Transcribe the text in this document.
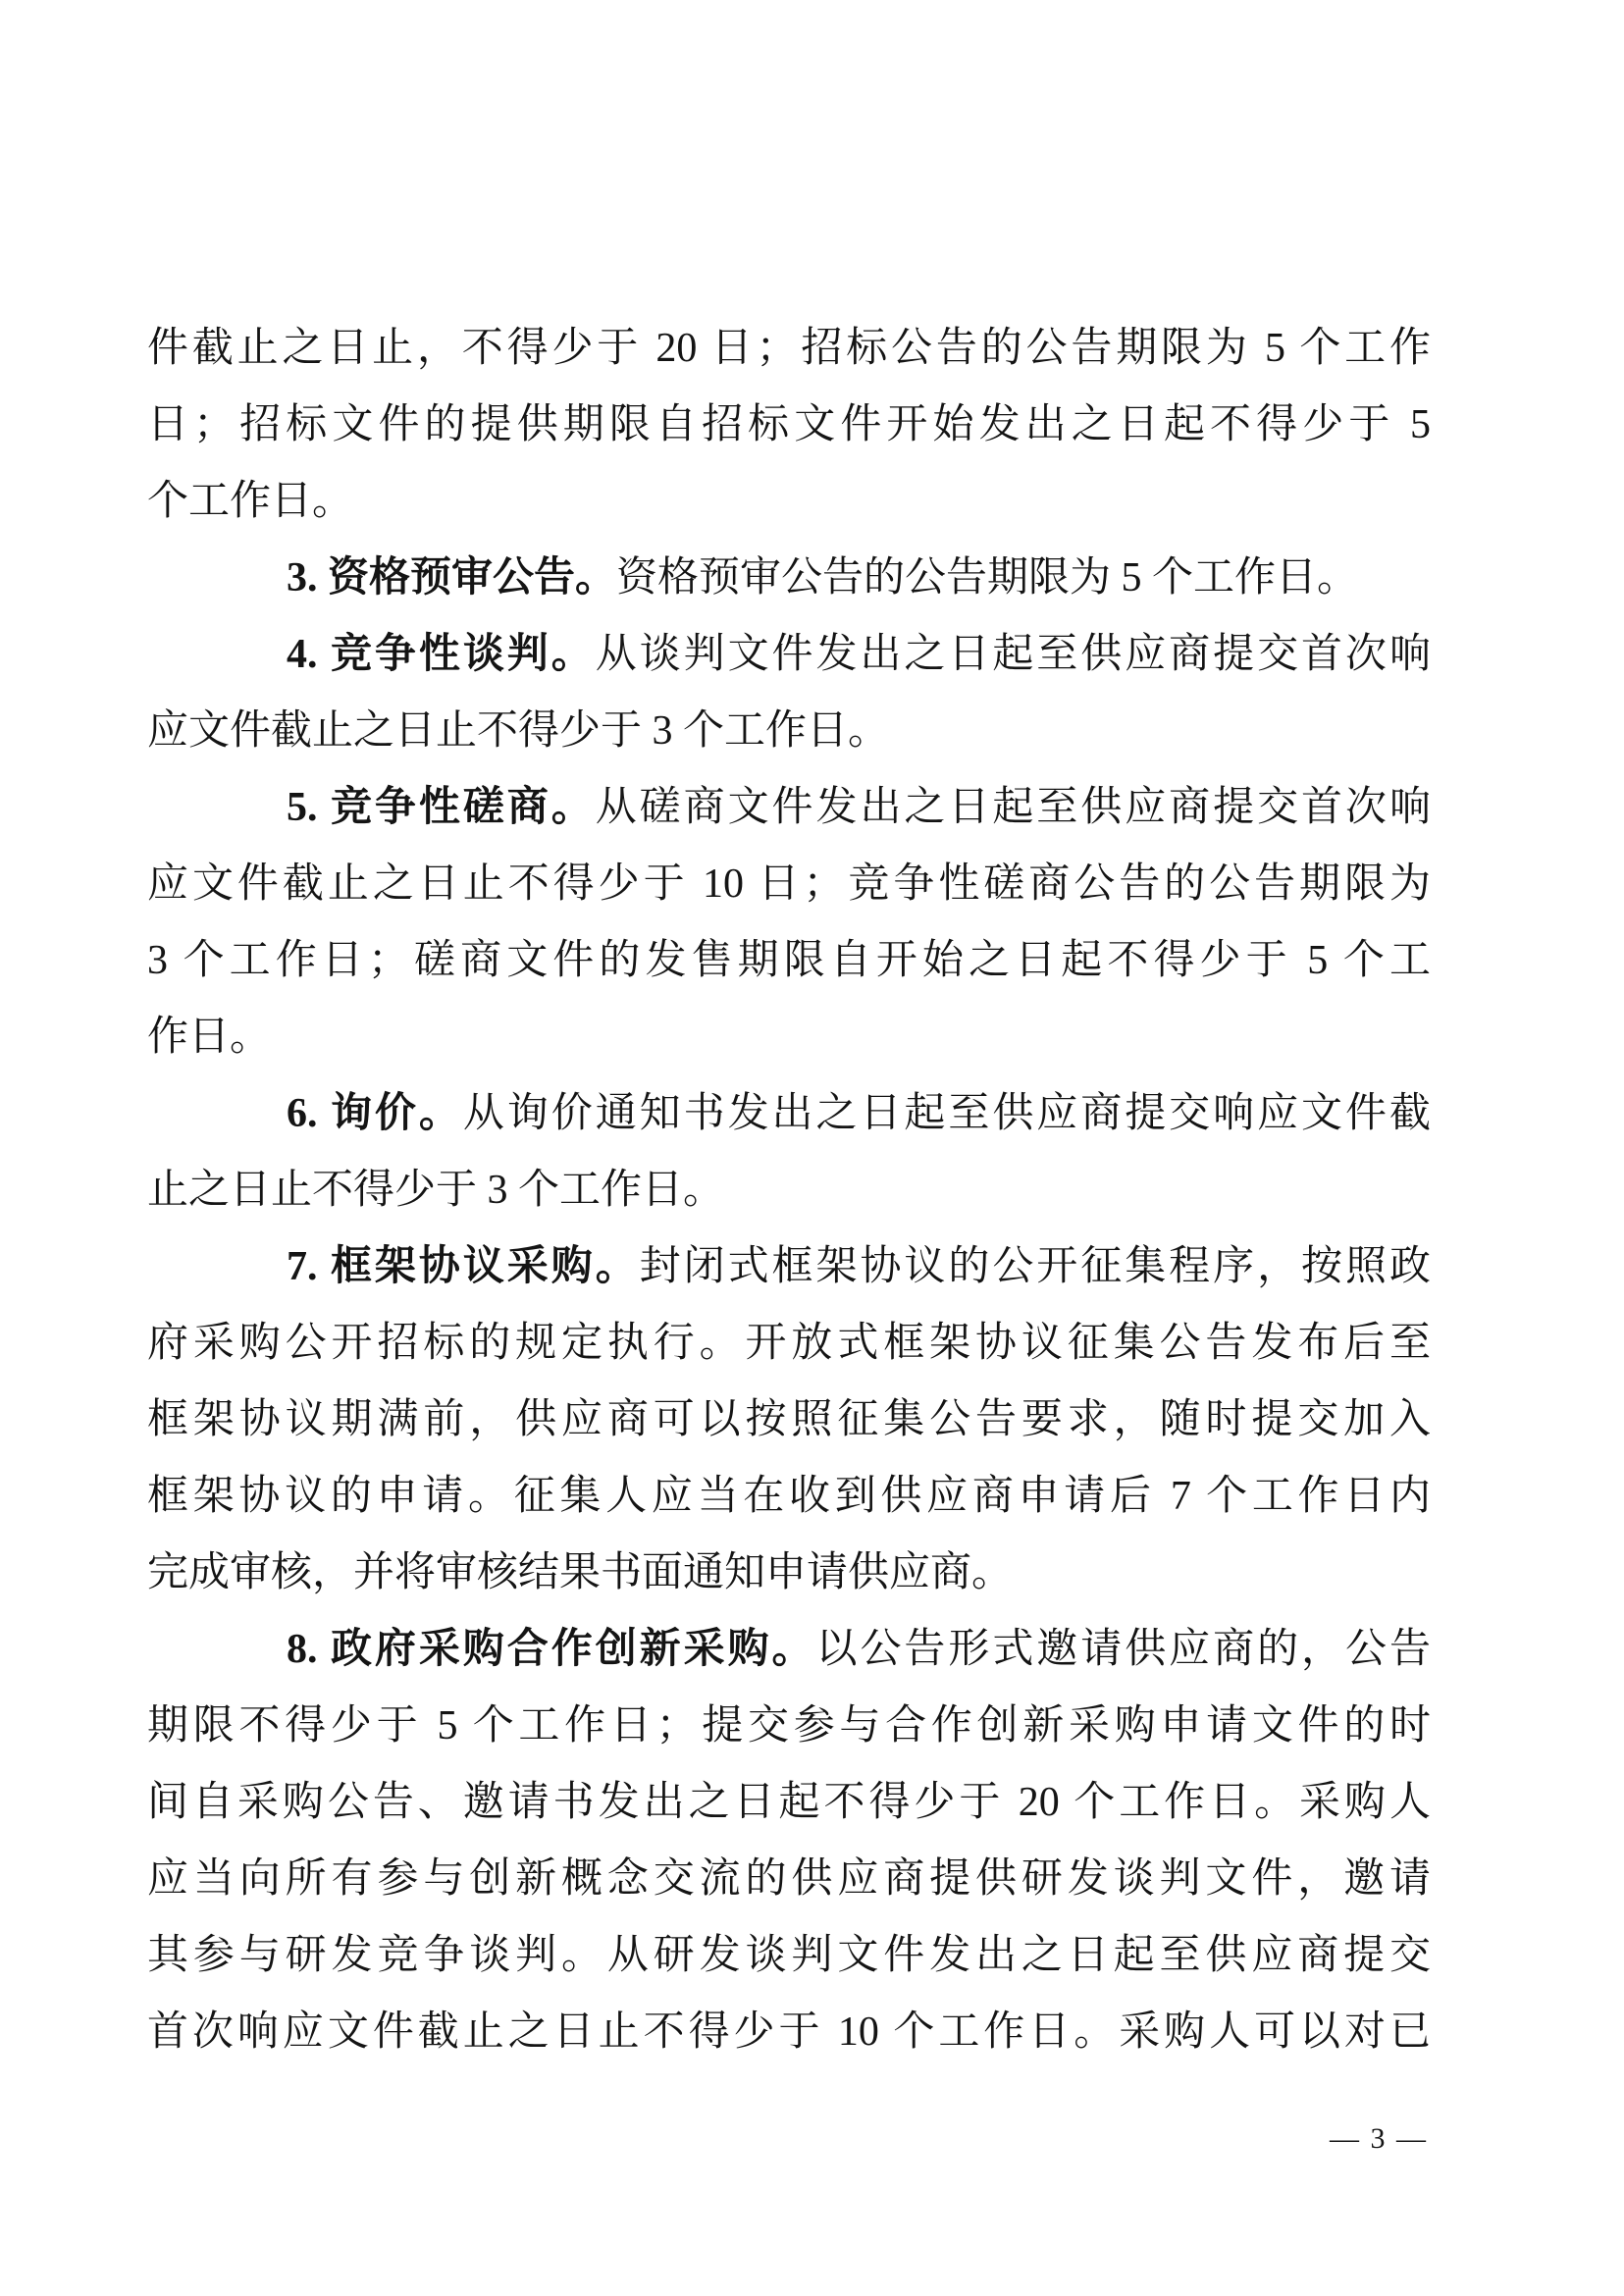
件截止之日止，不得少于 20 日；招标公告的公告期限为 5 个工作
日；招标文件的提供期限自招标文件开始发出之日起不得少于 5
个工作日。
3. 资格预审公告。资格预审公告的公告期限为 5 个工作日。
4. 竞争性谈判。从谈判文件发出之日起至供应商提交首次响
应文件截止之日止不得少于 3 个工作日。
5. 竞争性磋商。从磋商文件发出之日起至供应商提交首次响
应文件截止之日止不得少于 10 日；竞争性磋商公告的公告期限为
3 个工作日；磋商文件的发售期限自开始之日起不得少于 5 个工
作日。
6. 询价。从询价通知书发出之日起至供应商提交响应文件截
止之日止不得少于 3 个工作日。
7. 框架协议采购。封闭式框架协议的公开征集程序，按照政
府采购公开招标的规定执行。开放式框架协议征集公告发布后至
框架协议期满前，供应商可以按照征集公告要求，随时提交加入
框架协议的申请。征集人应当在收到供应商申请后 7 个工作日内
完成审核，并将审核结果书面通知申请供应商。
8. 政府采购合作创新采购。以公告形式邀请供应商的，公告
期限不得少于 5 个工作日；提交参与合作创新采购申请文件的时
间自采购公告、邀请书发出之日起不得少于 20 个工作日。采购人
应当向所有参与创新概念交流的供应商提供研发谈判文件，邀请
其参与研发竞争谈判。从研发谈判文件发出之日起至供应商提交
首次响应文件截止之日止不得少于 10 个工作日。采购人可以对已
— 3 —
